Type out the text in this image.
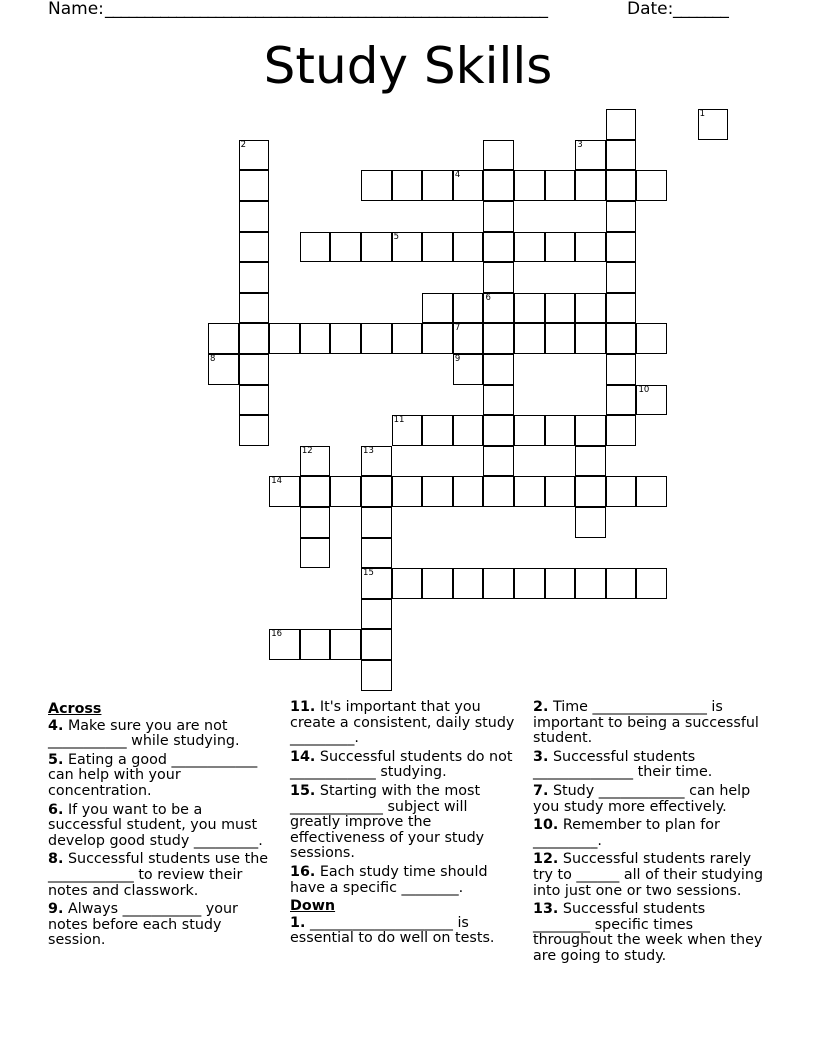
Name: ________________________________________________________	Date: _______
Study Skills
2
6
4
5
11
12
14
15
16
1
3
7
8	9
10
13
Across
4. Make sure you are not ___________ while studying.
5. Eating a good ____________ can help with your concentration.
6. If you want to be a successful student, you must develop good study _________.
8. Successful students use the ____________ to review their notes and classwork.
9. Always ___________ your notes before each study session.
11. It's important that you create a consistent, daily study _________.
14. Successful students do not ____________ studying.
15. Starting with the most _____________ subject will greatly improve the effectiveness of your study sessions.
16. Each study time should have a specific ________.
Down
1. ____________________ is essential to do well on tests.
2. Time ________________ is important to being a successful student.
3. Successful students ______________ their time.
7. Study ____________ can help you study more effectively.
10. Remember to plan for _________.
12. Successful students rarely try to ______ all of their studying into just one or two sessions.
13. Successful students ________ specific times throughout the week when they are going to study.
